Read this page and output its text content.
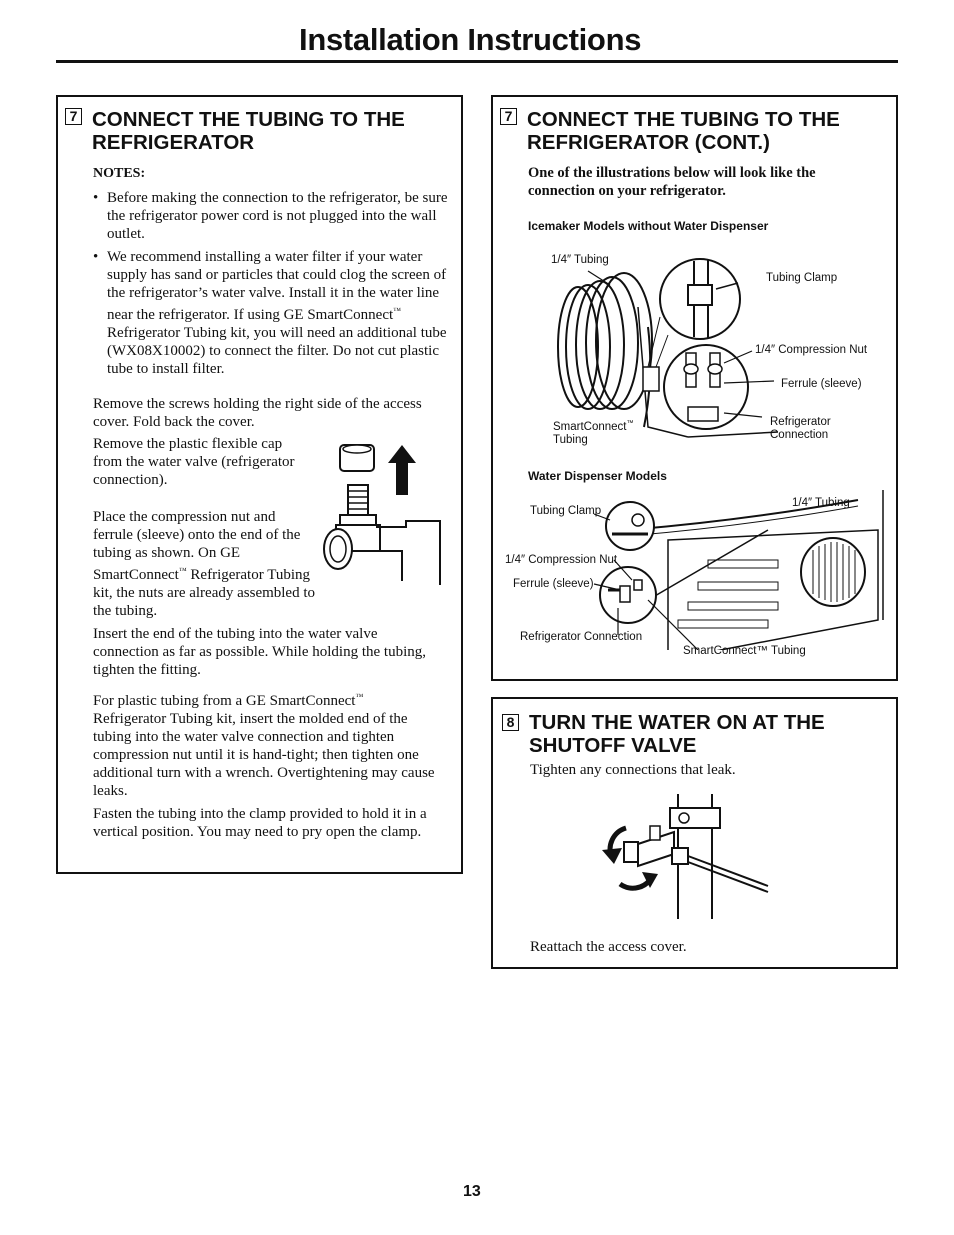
Installation Instructions
7 CONNECT THE TUBING TO THE
REFRIGERATOR

NOTES:

• Before making the connection to the refrigerator, be sure the refrigerator power cord is not plugged into the wall outlet.

• We recommend installing a water filter if your water supply has sand or particles that could clog the screen of the refrigerator’s water valve. Install it in the water line near the refrigerator. If using GE SmartConnect™ Refrigerator Tubing kit, you will need an additional tube (WX08X10002) to connect the filter. Do not cut plastic tube to install filter.

Remove the screws holding the right side of the access cover. Fold back the cover.

Remove the plastic flexible cap from the water valve (refrigerator connection).

Place the compression nut and ferrule (sleeve) onto the end of the tubing as shown. On GE SmartConnect™ Refrigerator Tubing kit, the nuts are already assembled to the tubing.

Insert the end of the tubing into the water valve connection as far as possible. While holding the tubing, tighten the fitting.

For plastic tubing from a GE SmartConnect™ Refrigerator Tubing kit, insert the molded end of the tubing into the water valve connection and tighten compression nut until it is hand-tight; then tighten one additional turn with a wrench. Overtightening may cause leaks.

Fasten the tubing into the clamp provided to hold it in a vertical position. You may need to pry open the clamp.

7 CONNECT THE TUBING TO THE
REFRIGERATOR (CONT.)

One of the illustrations below will look like the connection on your refrigerator.

Icemaker Models without Water Dispenser

1/4″ Tubing
Tubing Clamp
1/4″ Compression Nut
Ferrule (sleeve)
SmartConnect™
Tubing
Refrigerator
Connection

Water Dispenser Models

Tubing Clamp
1/4″ Tubing
1/4″ Compression Nut
Ferrule (sleeve)
Refrigerator Connection
SmartConnect™ Tubing
8 TURN THE WATER ON AT THE
SHUTOFF VALVE

Tighten any connections that leak.

Reattach the access cover.

13
